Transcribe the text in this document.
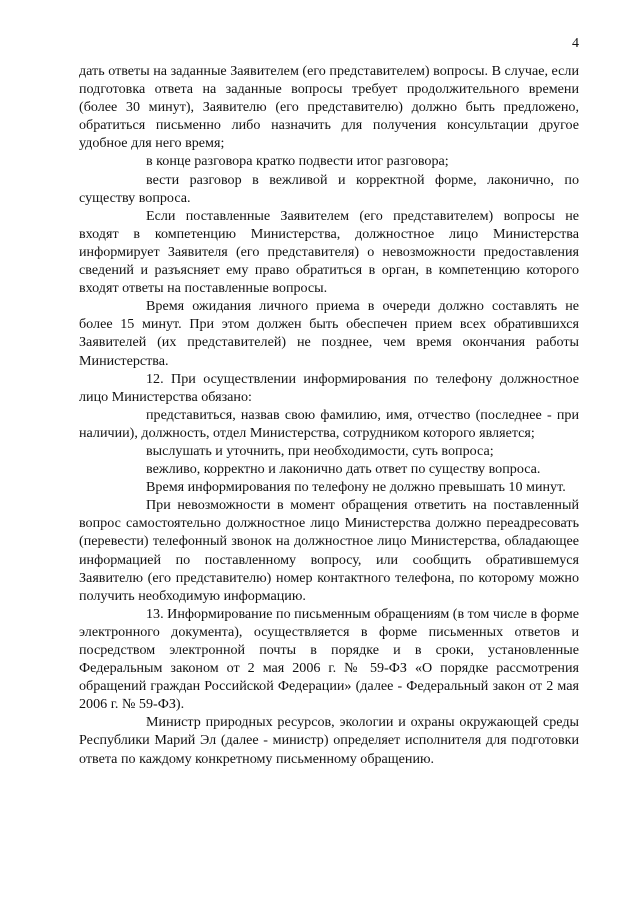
4

дать ответы на заданные Заявителем (его представителем) вопросы. В случае, если подготовка ответа на заданные вопросы требует продолжительного времени (более 30 минут), Заявителю (его представителю) должно быть предложено, обратиться письменно либо назначить для получения консультации другое удобное для него время;

в конце разговора кратко подвести итог разговора;

вести разговор в вежливой и корректной форме, лаконично, по существу вопроса.

Если поставленные Заявителем (его представителем) вопросы не входят в компетенцию Министерства, должностное лицо Министерства информирует Заявителя (его представителя) о невозможности предоставления сведений и разъясняет ему право обратиться в орган, в компетенцию которого входят ответы на поставленные вопросы.

Время ожидания личного приема в очереди должно составлять не более 15 минут. При этом должен быть обеспечен прием всех обратившихся Заявителей (их представителей) не позднее, чем время окончания работы Министерства.

12. При осуществлении информирования по телефону должностное лицо Министерства обязано:

представиться, назвав свою фамилию, имя, отчество (последнее - при наличии), должность, отдел Министерства, сотрудником которого является;

выслушать и уточнить, при необходимости, суть вопроса;

вежливо, корректно и лаконично дать ответ по существу вопроса.

Время информирования по телефону не должно превышать 10 минут.

При невозможности в момент обращения ответить на поставленный вопрос самостоятельно должностное лицо Министерства должно переадресовать (перевести) телефонный звонок на должностное лицо Министерства, обладающее информацией по поставленному вопросу, или сообщить обратившемуся Заявителю (его представителю) номер контактного телефона, по которому можно получить необходимую информацию.

13. Информирование по письменным обращениям (в том числе в форме электронного документа), осуществляется в форме письменных ответов и посредством электронной почты в порядке и в сроки, установленные Федеральным законом от 2 мая 2006 г. № 59-ФЗ «О порядке рассмотрения обращений граждан Российской Федерации» (далее - Федеральный закон от 2 мая 2006 г. № 59-ФЗ).

Министр природных ресурсов, экологии и охраны окружающей среды Республики Марий Эл (далее - министр) определяет исполнителя для подготовки ответа по каждому конкретному письменному обращению.
